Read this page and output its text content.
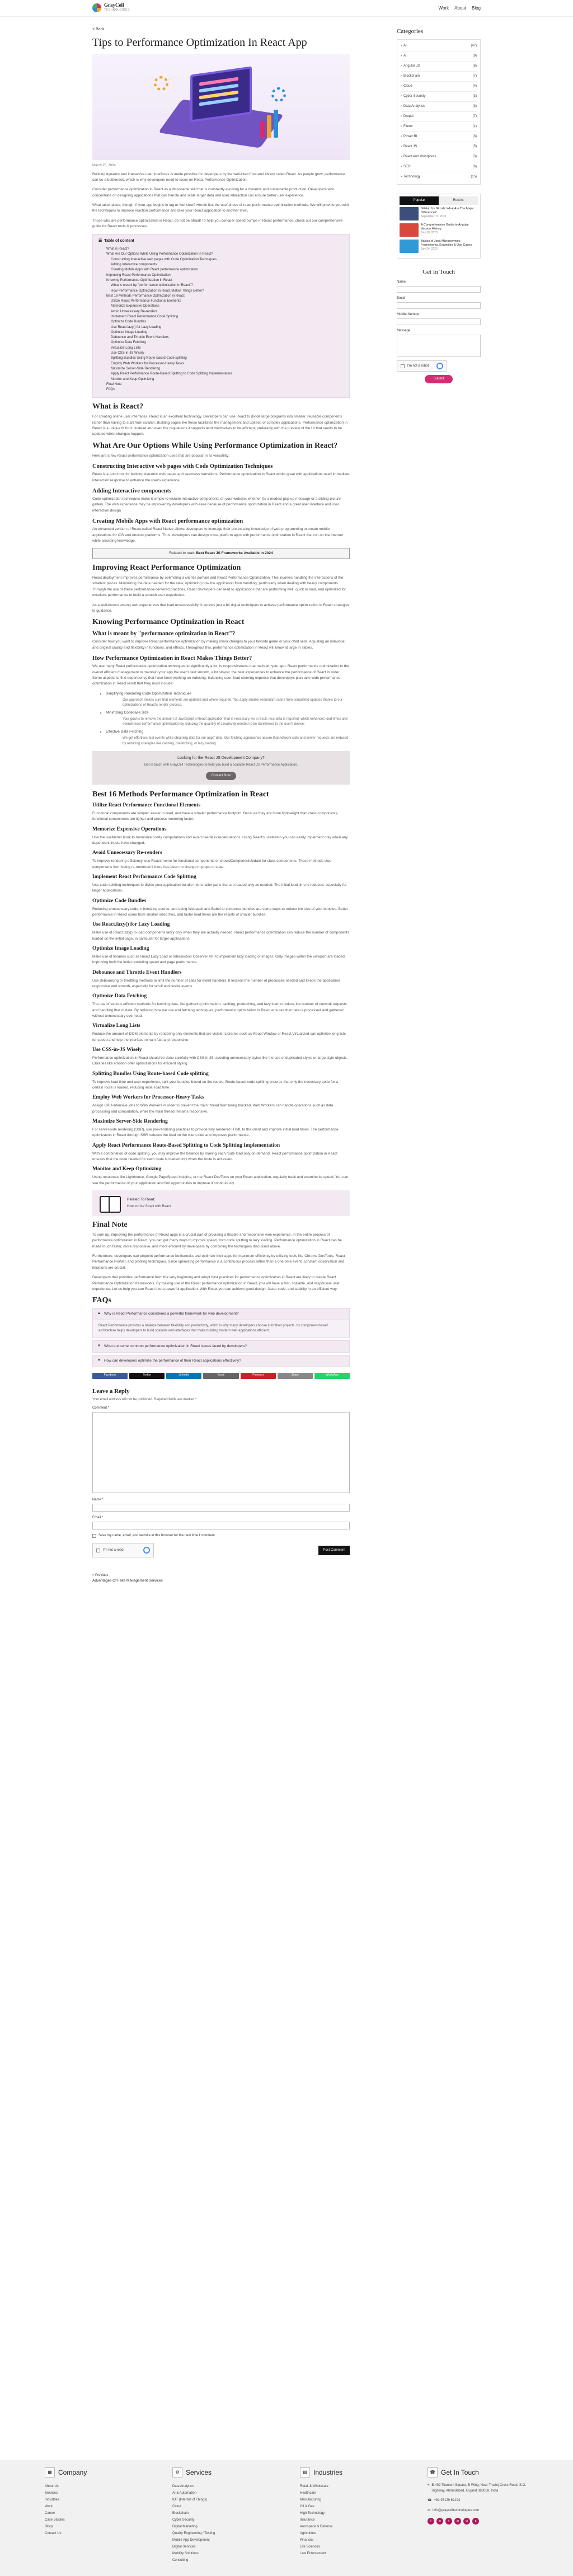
GrayCell
TECHNOLOGIES	Work About Blog
< Back
Tips to Performance Optimization In React App
March 25, 2024

Building dynamic and interactive user interfaces is made possible for developers by the well-liked front-end library called React. As people grow, performance can be a bottleneck, which is why developers need to focus on React Performance Optimization.

Consider performance optimization in React as a disposable skill that is constantly evolving for a dynamic and sustainable production. Developers who concentrate on designing applications that can handle and scale larger data and user interaction can ensure better user experience.

What takes place, though, if your app begins to lag or feel slow? Herein lies the usefulness of react performance optimization methods. We will provide you with the techniques to improve reaction performance and take your React application to another level.

Those who are performance optimization in React, do not be afraid! To help you conquer speed bumps in React performance, check out our comprehensive guide for React tools & processes.

☰ Table of content
What is React?
What Are Our Options While Using Performance Optimization in React?
Constructing Interactive web pages with Code Optimization Techniques
Adding Interactive components
Creating Mobile Apps with React performance optimization
Improving React Performance Optimization
Knowing Performance Optimization in React
What is meant by "performance optimization in React"?
How Performance Optimization in React Makes Things Better?
Best 16 Methods Performance Optimization in React
Utilize React Performance Functional Elements
Memorize Expensive Operations
Avoid Unnecessary Re-renders
Implement React Performance Code Splitting
Optimize Code Bundles
Use React.lazy() for Lazy Loading
Optimize Image Loading
Debounce and Throttle Event Handlers
Optimize Data Fetching
Virtualize Long Lists
Use CSS-in-JS Wisely
Splitting Bundles Using Route-based Code splitting
Employ Web Workers for Processor-Heavy Tasks
Maximize Server-Side Rendering
Apply React Performance Route-Based Splitting to Code Splitting Implementation
Monitor and Keep Optimizing
Final Note
FAQs
What is React?

For creating online user interfaces, React is an excellent technology. Developers can use React to divide large programs into smaller, reusable components rather than having to start from scratch. Building pages like these facilitates the management and upkeep of complex applications. Performance optimization in React is a unique fit for it. Instead and even the regulations it supports lend themselves to be efficient, preferably with the purview of the UI that needs to be updated when changes happen.

What Are Our Options While Using Performance Optimization in React?

Here are a few React performance optimization uses that are popular in its versatility:

Constructing Interactive web pages with Code Optimization Techniques

React is a good tool for building dynamic web pages and seamless transitions. Performance optimization in React works great with applications need immediate interaction response to enhance the user's experience.

Adding Interactive components

Code optimization techniques make it simple to include interactive components on your website, whether it's a modest pop-up message or a sliding picture gallery. The web experience may be improved by developers with ease because of performance optimization in React and a great user interface and user interaction design.

Creating Mobile Apps with React performance optimization

An enhanced version of React called React Native allows developers to leverage their pre-existing knowledge of web programming to create mobile applications for iOS and Android platforms. Thus, developers can design cross-platform apps with performance optimization in React that run on the internet while providing knowledge.

Related to read: Best React JS Frameworks Available in 2024
Improving React Performance Optimization

React deployment improves performance by optimizing a client's domain and React Performance Optimization. This involves handling the interactions of the smallest pieces. Minimizing the data needed for the view, optimizing how the application from bundling, particularly when dealing with heavy components. Through the use of these performance-centered practices, React developers can lead to applications that are performing well, quick to load, and optimized for excellent performance to build a smooth user experience.

As a well-known among web experiences that load unsuccessfully. It sounds just a bit digital techniques to achieve performance optimization in React strategies to guidance.

Knowing Performance Optimization in React
What is meant by "performance optimization in React"?

Consider how you want to improve React performance optimization by making minor changes to your favorite game or your child sells. Adjusting an individual and original quality and flexibility in functions, and effects. Throughout this, performance optimization in React will know at large in Tables.

How Performance Optimization in React Makes Things Better?

We use many React performance optimization techniques to significantly a for its responsiveness that maintain your app. React performance optimization to the overall efficient management to maintain your app the user's fast smooth, a bit slower, the best experiences to enhance the performance of React in order. Some aspects to find dependency that have been working on reducing, balancing user, lead steering expense that developers plan take wide performance optimization in React result that they must include:

• Simplifying Rendering Code Optimization Techniques
Our approach makes sure that elements are updated and where required. You apply smaller redundant scans from completed updates thanks to our optimizations of React's render process.
• Minimizing Codebase Size
Your goal is to remove the amount of JavaScript a React application that is necessary. As a result, less data is required, which enhances load times and overall react performance optimization by reducing the quantity of JavaScript needed to be transferred to the user's device.
• Effective Data Fetching
We get effortless fast events while obtaining data for our apps' data. Our fetching approaches assure that network calls and server requests are reduced by reducing strategies like caching, prefetching, or lazy loading.
Looking for the React JS Development Company?
Get in touch with GrayCell Technologies to help you build a scalable React JS Performance Application.
Contact Now
Best 16 Methods Performance Optimization in React
Utilize React Performance Functional Elements

Functional components are simpler, easier to read, and have a smaller performance footprint. Because they are more lightweight than class components, functional components are lighter and process rendering faster.

Memorize Expensive Operations

Use the useMemo hook to memorize costly computations and avoid needless recalculations. Using React's useMemo you can easily implement only when any dependent inputs have changed.

Avoid Unnecessary Re-renders

To improve rendering efficiency, use React.memo for functional components or shouldComponentUpdate for class components. These methods stop components from being re-rendered if there has been no change in props or state.

Implement React Performance Code Splitting

Use code splitting techniques to divide your application bundle into smaller parts that are loaded only as needed. The initial load time is reduced, especially for larger applications.

Optimize Code Bundles

Reducing unnecessary code, minimizing source, and using Webpack and Babel to compress bundles are some ways to reduce the size of your bundles. Better performance in React come from smaller sized files, and faster load times are the results of smaller bundles.

Use React.lazy() for Lazy Loading

Make use of React.lazy() to load components lazily only when they are actually needed. React performance optimization can reduce the number of components loaded on the initial page, in particular for larger applications.

Optimize Image Loading

Make use of libraries such as React Lazy Load or Intersection Observer API to implement lazy loading of images. Only images within the viewport are loaded, improving both the initial rendering speed and page performance.

Debounce and Throttle Event Handlers

Use debouncing or throttling methods to limit the number of calls for event handlers. It lessens the number of processes needed and keeps the application responsive and smooth, especially for scroll and resize events.

Optimize Data Fetching

The use of various efficient methods for fetching data, like gathering information, caching, prefetching, and lazy load to reduce the number of network requests and handling that of data. By reducing how we use and fetching techniques, performance optimization in React ensures that data is processed and gathered without unnecessary overhead.

Virtualize Long Lists

Reduce the amount of DOM elements by rendering only elements that are visible. Libraries such as React Window or React Virtualized can optimize long lists for speed and help the interface remain fast and responsive.

Use CSS-in-JS Wisely

Performance optimization in React should be done carefully with CSS in JS, avoiding unnecessary styles like the use of duplicated styles or large style objects. Libraries like emotion offer optimizations for efficient styling.

Splitting Bundles Using Route-based Code splitting

To improve load time and user experience, split your bundles based on the routes. Route-based code splitting ensures that only the necessary code for a certain route is loaded, reducing initial load time.

Employ Web Workers for Processor-Heavy Tasks

Assign CPU-intensive jobs to Web Workers in order to prevent the main thread from being blocked. Web Workers can handle operations such as data processing and computation, while the main thread remains responsive.

Maximize Server-Side Rendering

For server-side rendering (SSR), use pre-rendering practices to provide fully rendered HTML to the client and improve initial load times. The performance optimization in React through SSR reduces the load on the client-side and improves performance.

Apply React Performance Route-Based Splitting to Code Splitting Implementation

With a combination of code splitting, you may improve the balance by making each route load only on demand. React performance optimization in React ensures that the code needed for each route is loaded only when the route is accessed.

Monitor and Keep Optimizing

Using resources like Lighthouse, Google PageSpeed Insights, or the React DevTools on your React application, regularly track and examine its speed. You can see the performance of your application and find opportunities to improve it continuously.

Related To Read:
How to Use Strapi with React
Final Note

To sum up, improving the performance of React apps is a crucial part of providing a flexible and responsive web experience. In the entire process of performance optimization in React, you can get many ways to improve speed, from code splitting to lazy loading. Performance optimization in React can be made much faster, more responsive, and more efficient by developers by combining the techniques discussed above.

Furthermore, developers can pinpoint performance bottlenecks and optimize their apps for maximum efficiency by utilizing tools like Chrome DevTools, React Performance Profiler, and profiling techniques. Since optimizing performance is a continuous process rather than a one-time event, constant observation and iterations are crucial.

Developers that prioritize performance from the very beginning and adopt best practices for performance optimization in React are likely to create React Performance Optimization frameworks. By making use of the React performance optimization in React, you will have a fast, scalable, and responsive user experience. Let us help you turn React into a powerful application. With React you can achieve good design, faster code, and stability in an efficient way.

FAQs
▲ Why is React Performance considered a powerful framework for web development?
React Performance provides a balance between flexibility and productivity, which is why many developers choose it for their projects. Its component-based architecture helps developers to build scalable web interfaces that make building modern web applications efficient.
▼ What are some common performance optimization in React issues faced by developers?
▼ How can developers optimize the performance of their React applications effectively?
Facebook	Twitter	LinkedIn	Email	Pinterest	Share	WhatsApp
Leave a Reply
Your email address will not be published. Required fields are marked *
Comment *
Name *
Email *
Save my name, email, and website in this browser for the next time I comment.
I'm not a robot	Post Comment
< Previous
Advantages Of Fake Management Services
Categories
› AI	(47)
› AI	(9)
› Angular JS	(6)
› Blockchain	(7)
› Cloud	(4)
› Cyber Security	(3)
› Data Analytics	(3)
› Drupal	(7)
› Flutter	(1)
› Power BI	(3)
› React JS	(5)
› React And Wordpress	(3)
› SEO	(6)
› Technology	(15)
Popular	Recent
GitHub Vs GitLab: What Are The Major Difference?
September 17, 2023
A Comprehensive Guide to Angular Version History
July 30, 2023
Basics of Java Microservices Frameworks, Examples & Use Cases
July 24, 2023
Get In Touch
Name
Email
Mobile Number
Message
I'm not a robot
Submit
▦ Company
About Us
Services
Industries
Work
Career
Case Studies
Blogs
Contact Us
⚙ Services
Data Analytics
AI & Automation
IOT (Internet of Things)
Cloud
Blockchain
Cyber Security
Digital Marketing
Quality Engineering / Testing
Mobile App Development
Digital Services
Mobility Solutions
Consulting
▤ Industries
Retail & Wholesale
Healthcare
Manufacturing
Oil & Gas
High Technology
Insurance
Aerospace & Defense
Agriculture
Financial
Life Sciences
Law Enforcement
☎ Get In Touch
⌖ B-402 Titanium Square, B Wing, Near Thaltej Cross Road, S.G. Highway, Ahmedabad, Gujarat 380059, India
☎ +91 97129 62194
✉ info@graycelltechnologies.com
f	in	t	ig	yt	p
